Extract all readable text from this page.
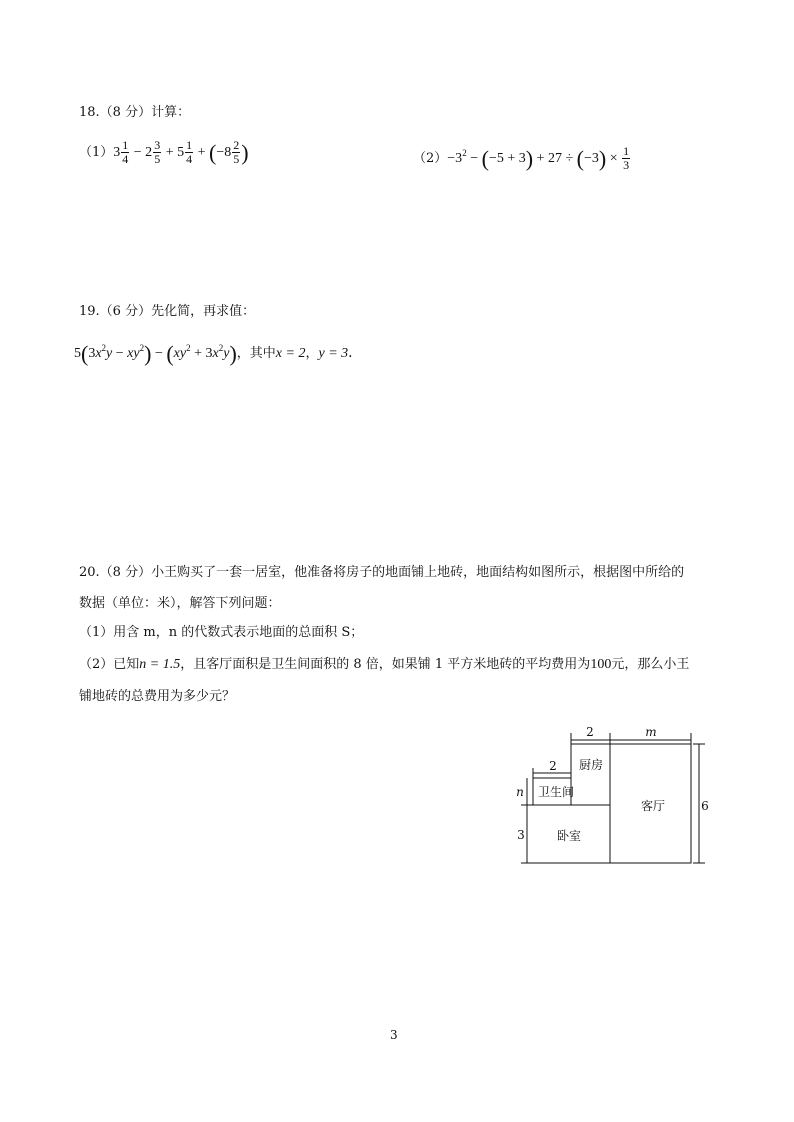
18.（8 分）计算：
$(1)3 \frac{1}{4} - 2 \frac{3}{5} + 5 \frac{1}{4} + (-8 \frac{2}{5}$ )	$(2)-3^2 - (-5 + 3) + 27 \div (-3) \times \frac{1}{3}$
19.（6 分）先化简，再求值：
$5(3x^2y - xy^2) - (xy^2 + 3x^2y)$，其中x = 2，y = 3．
20.（8 分）小王购买了一套一居室，他准备将房子的地面铺上地砖，地面结构如图所示，根据图中所给的
数据（单位：米），解答下列问题：
（1）用含 m，n 的代数式表示地面的总面积 S；
（2）已知n = 1.5，且客厅面积是卫生间面积的 8 倍，如果铺 1 平方米地砖的平均费用为100元，那么小王
铺地砖的总费用为多少元？
2	m
2
n
3
6
厨房
卫生间
客厅
卧室
3
